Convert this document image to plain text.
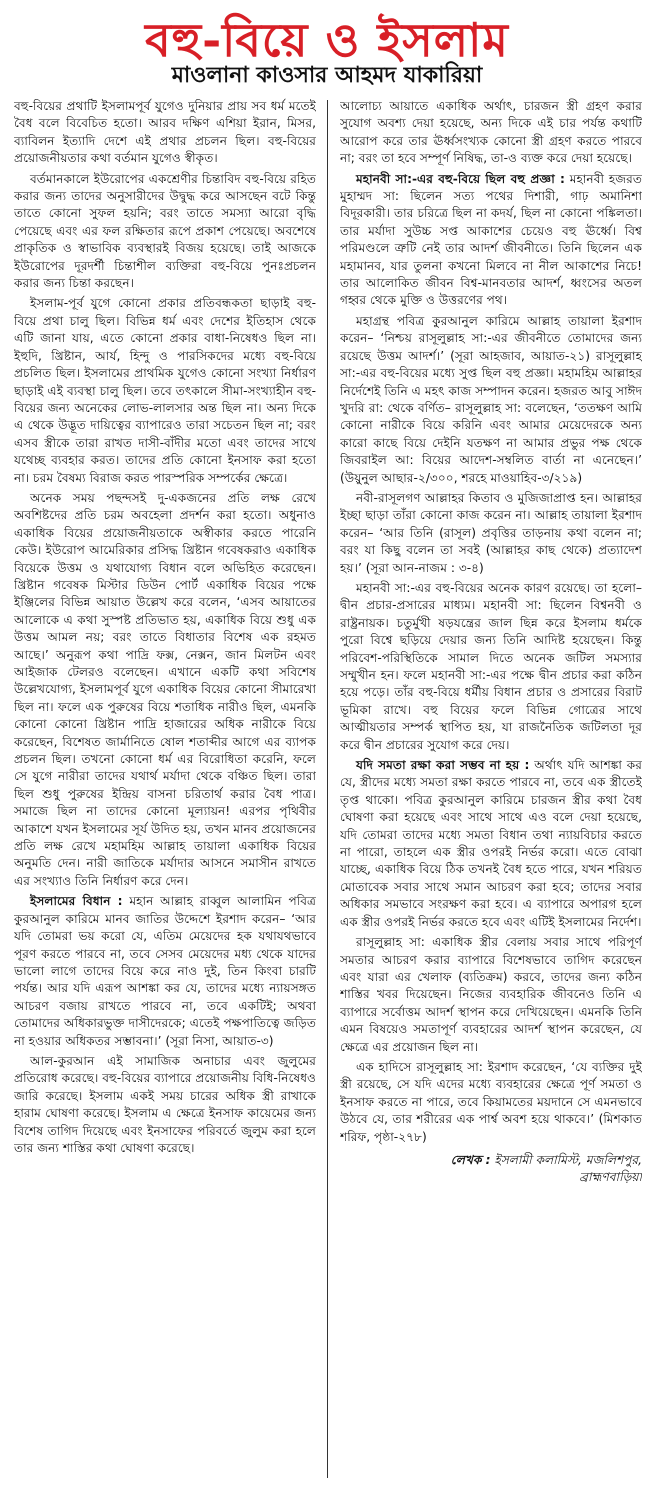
বহু-বিয়ে ও ইসলাম
মাওলানা কাওসার আহমদ যাকারিয়া

বহু-বিয়ের প্রথাটি ইসলামপূর্ব যুগেও দুনিয়ার প্রায় সব ধর্ম মতেই বৈধ বলে বিবেচিত হতো। আরব দক্ষিণ এশিয়া ইরান, মিসর, ব্যাবিলন ইত্যাদি দেশে এই প্রথার প্রচলন ছিল। বহু-বিয়ের প্রয়োজনীয়তার কথা বর্তমান যুগেও স্বীকৃত।

বর্তমানকালে ইউরোপের একশ্রেণীর চিন্তাবিদ বহু-বিয়ে রহিত করার জন্য তাদের অনুসারীদের উদ্বুদ্ধ করে আসছেন বটে কিন্তু তাতে কোনো সুফল হয়নি; বরং তাতে সমস্যা আরো বৃদ্ধি পেয়েছে এবং এর ফল রক্ষিতার রূপে প্রকাশ পেয়েছে। অবশেষে প্রাকৃতিক ও স্বাভাবিক ব্যবস্থারই বিজয় হয়েছে। তাই আজকে ইউরোপের দূরদর্শী চিন্তাশীল ব্যক্তিরা বহু-বিয়ে পুনঃপ্রচলন করার জন্য চিন্তা করছেন।

ইসলাম-পূর্ব যুগে কোনো প্রকার প্রতিবন্ধকতা ছাড়াই বহু-বিয়ে প্রথা চালু ছিল। বিভিন্ন ধর্ম এবং দেশের ইতিহাস থেকে এটি জানা যায়, এতে কোনো প্রকার বাধা-নিষেধও ছিল না। ইহুদি, খ্রিষ্টান, আর্য, হিন্দু ও পারসিকদের মধ্যে বহু-বিয়ে প্রচলিত ছিল। ইসলামের প্রাথমিক যুগেও কোনো সংখ্যা নির্ধারণ ছাড়াই এই ব্যবস্থা চালু ছিল। তবে তৎকালে সীমা-সংখ্যাহীন বহু-বিয়ের জন্য অনেকের লোভ-লালসার অন্ত ছিল না। অন্য দিকে এ থেকে উদ্ভূত দায়িত্বের ব্যাপারেও তারা সচেতন ছিল না; বরং এসব স্ত্রীকে তারা রাখত দাসী-বাঁদীর মতো এবং তাদের সাথে যথেচ্ছ ব্যবহার করত। তাদের প্রতি কোনো ইনসাফ করা হতো না। চরম বৈষম্য বিরাজ করত পারস্পরিক সম্পর্কের ক্ষেত্রে।

অনেক সময় পছন্দসই দু-একজনের প্রতি লক্ষ রেখে অবশিষ্টদের প্রতি চরম অবহেলা প্রদর্শন করা হতো। অধুনাও একাধিক বিয়ের প্রয়োজনীয়তাকে অস্বীকার করতে পারেনি কেউ। ইউরোপ আমেরিকার প্রসিদ্ধ খ্রিষ্টান গবেষকরাও একাধিক বিয়েকে উত্তম ও যথাযোগ্য বিধান বলে অভিহিত করেছেন। খ্রিষ্টান গবেষক মিস্টার ডিউন পোর্ট একাধিক বিয়ের পক্ষে ইঞ্জিলের বিভিন্ন আয়াত উল্লেখ করে বলেন, ‘এসব আয়াতের আলোকে এ কথা সুস্পষ্ট প্রতিভাত হয়, একাধিক বিয়ে শুধু এক উত্তম আমল নয়; বরং তাতে বিধাতার বিশেষ এক রহমত আছে।’ অনুরূপ কথা পাদ্রি ফক্স, নেক্সন, জান মিলটন এবং আইজাক টেলরও বলেছেন। এখানে একটি কথা সবিশেষ উল্লেখযোগ্য, ইসলামপূর্ব যুগে একাধিক বিয়ের কোনো সীমারেখা ছিল না। ফলে এক পুরুষের বিয়ে শতাধিক নারীও ছিল, এমনকি কোনো কোনো খ্রিষ্টান পাদ্রি হাজারের অধিক নারীকে বিয়ে করেছেন, বিশেষত জার্মানিতে ষোল শতাব্দীর আগে এর ব্যাপক প্রচলন ছিল। তখনো কোনো ধর্ম এর বিরোধিতা করেনি, ফলে সে যুগে নারীরা তাদের যথার্থ মর্যাদা থেকে বঞ্চিত ছিল। তারা ছিল শুধু পুরুষের ইন্দ্রিয় বাসনা চরিতার্থ করার বৈধ পাত্র। সমাজে ছিল না তাদের কোনো মূল্যায়ন! এরপর পৃথিবীর আকাশে যখন ইসলামের সূর্য উদিত হয়, তখন মানব প্রয়োজনের প্রতি লক্ষ রেখে মহামহিম আল্লাহ তায়ালা একাধিক বিয়ের অনুমতি দেন। নারী জাতিকে মর্যাদার আসনে সমাসীন রাখতে এর সংখ্যাও তিনি নির্ধারণ করে দেন।

ইসলামের বিধান : মহান আল্লাহ রাব্বুল আলামিন পবিত্র কুরআনুল কারিমে মানব জাতির উদ্দেশে ইরশাদ করেন– ‘আর যদি তোমরা ভয় করো যে, এতিম মেয়েদের হক যথাযথভাবে পূরণ করতে পারবে না, তবে সেসব মেয়েদের মধ্য থেকে যাদের ভালো লাগে তাদের বিয়ে করে নাও দুই, তিন কিংবা চারটি পর্যন্ত। আর যদি এরূপ আশঙ্কা কর যে, তাদের মধ্যে ন্যায়সঙ্গত আচরণ বজায় রাখতে পারবে না, তবে একটিই; অথবা তোমাদের অধিকারভুক্ত দাসীদেরকে; এতেই পক্ষপাতিত্বে জড়িত না হওয়ার অধিকতর সম্ভাবনা।’ (সূরা নিসা, আয়াত-৩)

আল-কুরআন এই সামাজিক অনাচার এবং জুলুমের প্রতিরোধ করেছে। বহু-বিয়ের ব্যাপারে প্রয়োজনীয় বিধি-নিষেধও জারি করেছে। ইসলাম একই সময় চারের অধিক স্ত্রী রাখাকে হারাম ঘোষণা করেছে। ইসলাম এ ক্ষেত্রে ইনসাফ কায়েমের জন্য বিশেষ তাগিদ দিয়েছে এবং ইনসাফের পরিবর্তে জুলুম করা হলে তার জন্য শাস্তির কথা ঘোষণা করেছে।

আলোচ্য আয়াতে একাধিক অর্থাৎ, চারজন স্ত্রী গ্রহণ করার সুযোগ অবশ্য দেয়া হয়েছে, অন্য দিকে এই চার পর্যন্ত কথাটি আরোপ করে তার ঊর্ধ্বসংখ্যক কোনো স্ত্রী গ্রহণ করতে পারবে না; বরং তা হবে সম্পূর্ণ নিষিদ্ধ, তা-ও ব্যক্ত করে দেয়া হয়েছে।

মহানবী সা:-এর বহু-বিয়ে ছিল বহু প্রজ্ঞা : মহানবী হজরত মুহাম্মদ সা: ছিলেন সত্য পথের দিশারী, গাঢ় অমানিশা বিদূরকারী। তার চরিত্রে ছিল না কদর্য, ছিল না কোনো পঙ্কিলতা। তার মর্যাদা সুউচ্চ সপ্ত আকাশের চেয়েও বহু ঊর্ধ্বে। বিশ্ব পরিমণ্ডলে ত্রুটি নেই তার আদর্শ জীবনীতে। তিনি ছিলেন এক মহামানব, যার তুলনা কখনো মিলবে না নীল আকাশের নিচে! তার আলোকিত জীবন বিশ্ব-মানবতার আদর্শ, ধ্বংসের অতল গহ্বর থেকে মুক্তি ও উত্তরণের পথ।

মহাগ্রন্থ পবিত্র কুরআনুল কারিমে আল্লাহ তায়ালা ইরশাদ করেন– ‘নিশ্চয় রাসূলুল্লাহ সা:-এর জীবনীতে তোমাদের জন্য রয়েছে উত্তম আদর্শ।’ (সূরা আহজাব, আয়াত-২১) রাসূলুল্লাহ সা:-এর বহু-বিয়ের মধ্যে সুপ্ত ছিল বহু প্রজ্ঞা। মহামহিম আল্লাহর নির্দেশেই তিনি এ মহৎ কাজ সম্পাদন করেন। হজরত আবু সাঈদ খুদরি রা: থেকে বর্ণিত– রাসূলুল্লাহ সা: বলেছেন, ‘ততক্ষণ আমি কোনো নারীকে বিয়ে করিনি এবং আমার মেয়েদেরকে অন্য কারো কাছে বিয়ে দেইনি যতক্ষণ না আমার প্রভুর পক্ষ থেকে জিবরাইল আ: বিয়ের আদেশ-সম্বলিত বার্তা না এনেছেন।’ (উয়ুনুল আছার-২/৩০০, শরহে মাওয়াহিব-৩/২১৯)

নবী-রাসূলগণ আল্লাহর কিতাব ও মুজিজাপ্রাপ্ত হন। আল্লাহর ইচ্ছা ছাড়া তাঁরা কোনো কাজ করেন না। আল্লাহ তায়ালা ইরশাদ করেন– ‘আর তিনি (রাসূল) প্রবৃত্তির তাড়নায় কথা বলেন না; বরং যা কিছু বলেন তা সবই (আল্লাহর কাছ থেকে) প্রত্যাদেশ হয়।’ (সূরা আন-নাজম : ৩-৪)

মহানবী সা:-এর বহু-বিয়ের অনেক কারণ রয়েছে। তা হলো– দ্বীন প্রচার-প্রসারের মাধ্যম। মহানবী সা: ছিলেন বিশ্বনবী ও রাষ্ট্রনায়ক। চতুর্মুখী ষড়যন্ত্রের জাল ছিন্ন করে ইসলাম ধর্মকে পুরো বিশ্বে ছড়িয়ে দেয়ার জন্য তিনি আদিষ্ট হয়েছেন। কিন্তু পরিবেশ-পরিস্থিতিকে সামাল দিতে অনেক জটিল সমস্যার সম্মুখীন হন। ফলে মহানবী সা:-এর পক্ষে দ্বীন প্রচার করা কঠিন হয়ে পড়ে। তাঁর বহু-বিয়ে ধর্মীয় বিধান প্রচার ও প্রসারের বিরাট ভূমিকা রাখে। বহু বিয়ের ফলে বিভিন্ন গোত্রের সাথে আত্মীয়তার সম্পর্ক স্থাপিত হয়, যা রাজনৈতিক জটিলতা দূর করে দ্বীন প্রচারের সুযোগ করে দেয়।

যদি সমতা রক্ষা করা সম্ভব না হয় : অর্থাৎ যদি আশঙ্কা কর যে, স্ত্রীদের মধ্যে সমতা রক্ষা করতে পারবে না, তবে এক স্ত্রীতেই তৃপ্ত থাকো। পবিত্র কুরআনুল কারিমে চারজন স্ত্রীর কথা বৈধ ঘোষণা করা হয়েছে এবং সাথে সাথে এও বলে দেয়া হয়েছে, যদি তোমরা তাদের মধ্যে সমতা বিধান তথা ন্যায়বিচার করতে না পারো, তাহলে এক স্ত্রীর ওপরই নির্ভর করো। এতে বোঝা যাচ্ছে, একাধিক বিয়ে ঠিক তখনই বৈধ হতে পারে, যখন শরিয়ত মোতাবেক সবার সাথে সমান আচরণ করা হবে; তাদের সবার অধিকার সমভাবে সংরক্ষণ করা হবে। এ ব্যাপারে অপারগ হলে এক স্ত্রীর ওপরই নির্ভর করতে হবে এবং এটিই ইসলামের নির্দেশ।

রাসূলুল্লাহ সা: একাধিক স্ত্রীর বেলায় সবার সাথে পরিপূর্ণ সমতার আচরণ করার ব্যাপারে বিশেষভাবে তাগিদ করেছেন এবং যারা এর খেলাফ (ব্যতিক্রম) করবে, তাদের জন্য কঠিন শাস্তির খবর দিয়েছেন। নিজের ব্যবহারিক জীবনেও তিনি এ ব্যাপারে সর্বোত্তম আদর্শ স্থাপন করে দেখিয়েছেন। এমনকি তিনি এমন বিষয়েও সমতাপূর্ণ ব্যবহারের আদর্শ স্থাপন করেছেন, যে ক্ষেত্রে এর প্রয়োজন ছিল না।

এক হাদিসে রাসূলুল্লাহ সা: ইরশাদ করেছেন, ‘যে ব্যক্তির দুই স্ত্রী রয়েছে, সে যদি এদের মধ্যে ব্যবহারের ক্ষেত্রে পূর্ণ সমতা ও ইনসাফ করতে না পারে, তবে কিয়ামতের ময়দানে সে এমনভাবে উঠবে যে, তার শরীরের এক পার্শ্ব অবশ হয়ে থাকবে।’ (মিশকাত শরিফ, পৃষ্ঠা-২৭৮)

লেখক : ইসলামী কলামিস্ট, মজলিশপুর,
ব্রাহ্মণবাড়িয়া
